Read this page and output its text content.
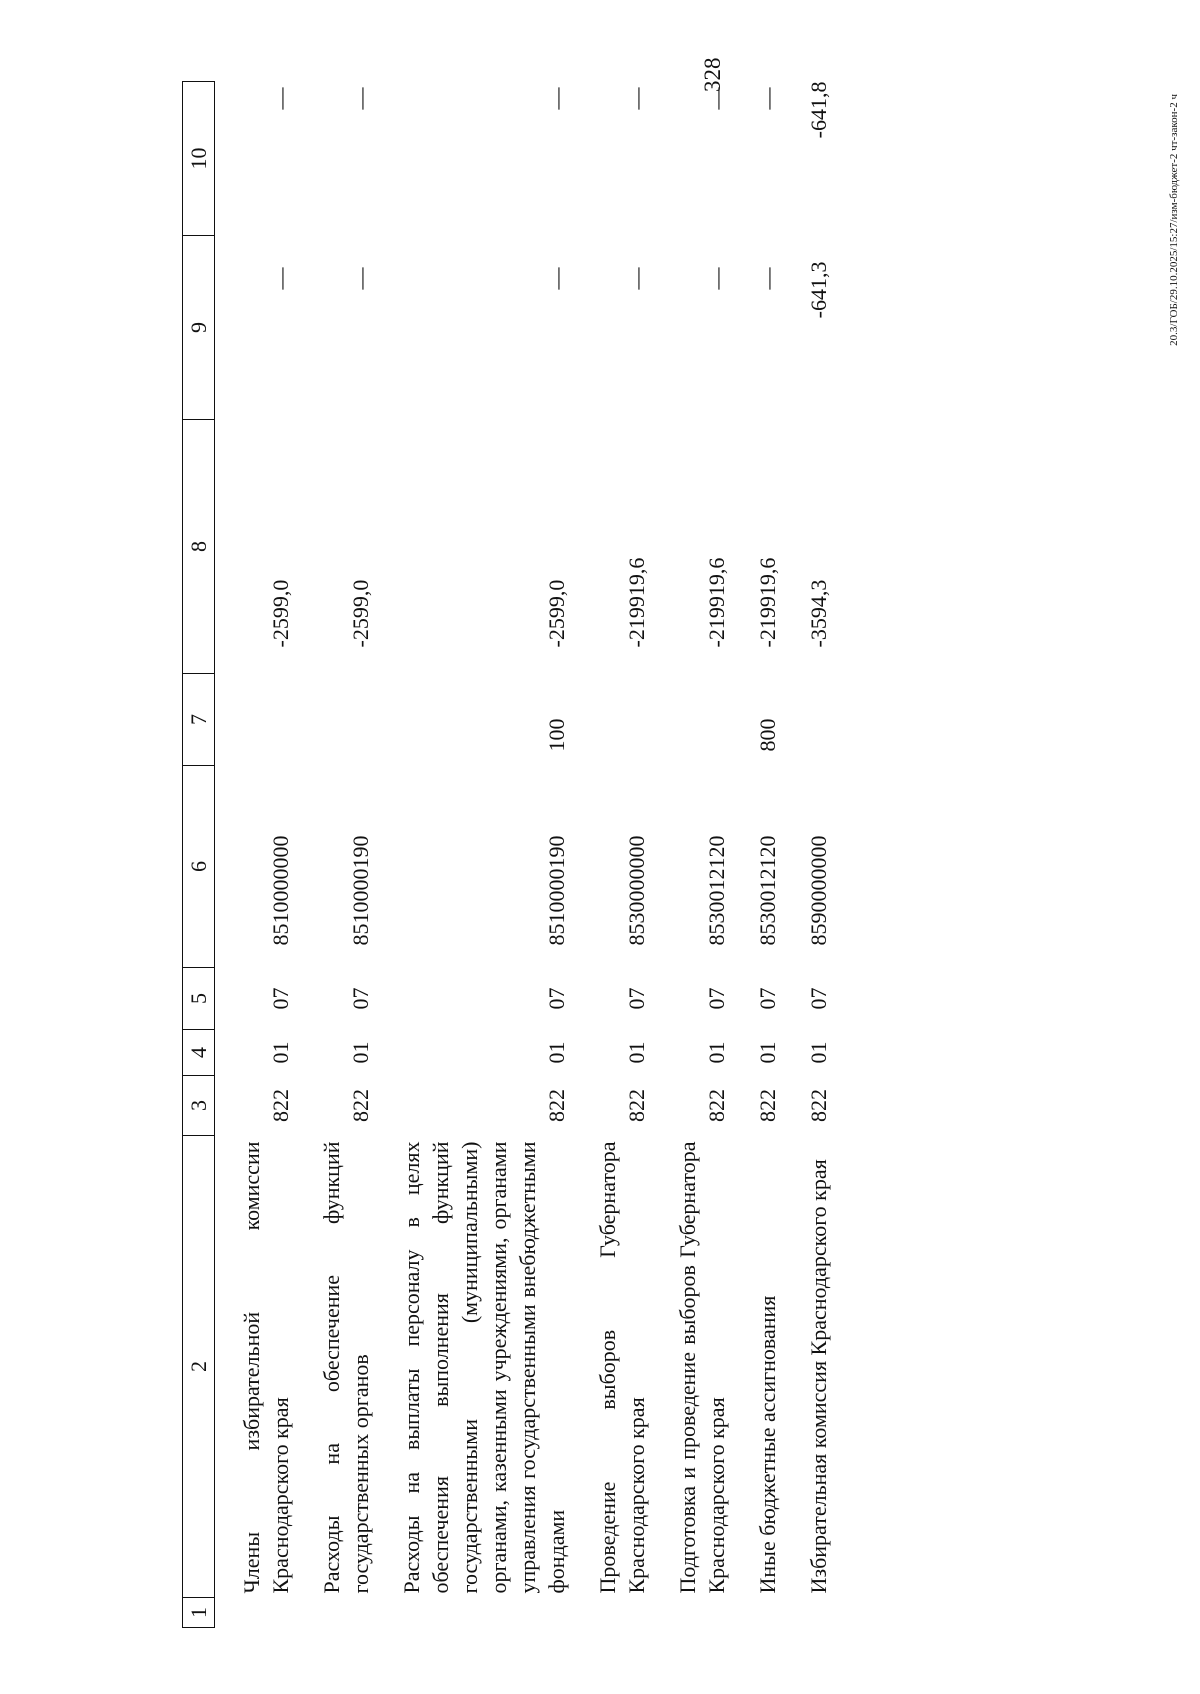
328
1	2	3	4	5	6	7	8	9	10
	Члены избирательной комиссии Краснодарского края	822	01	07	8510000000		-2599,0	—	—
	Расходы на обеспечение функций государственных органов	822	01	07	8510000190		-2599,0	—	—
	Расходы на выплаты персоналу в целях обеспечения выполнения функций государственными (муниципальными) органами, казенными учреждениями, органами управления государственными внебюджетными фондами	822	01	07	8510000190	100	-2599,0	—	—
	Проведение выборов Губернатора Краснодарского края	822	01	07	8530000000		-219919,6	—	—
	Подготовка и проведение выборов Губернатора Краснодарского края	822	01	07	8530012120		-219919,6	—	—
	Иные бюджетные ассигнования	822	01	07	8530012120	800	-219919,6	—	—
	Избирательная комиссия Краснодарского края	822	01	07	8590000000		-3594,3	-641,3	-641,8	20.3/ГОБ/29.10.2025/15:27/изм-бюджет-2 чт-закон-2 ч
